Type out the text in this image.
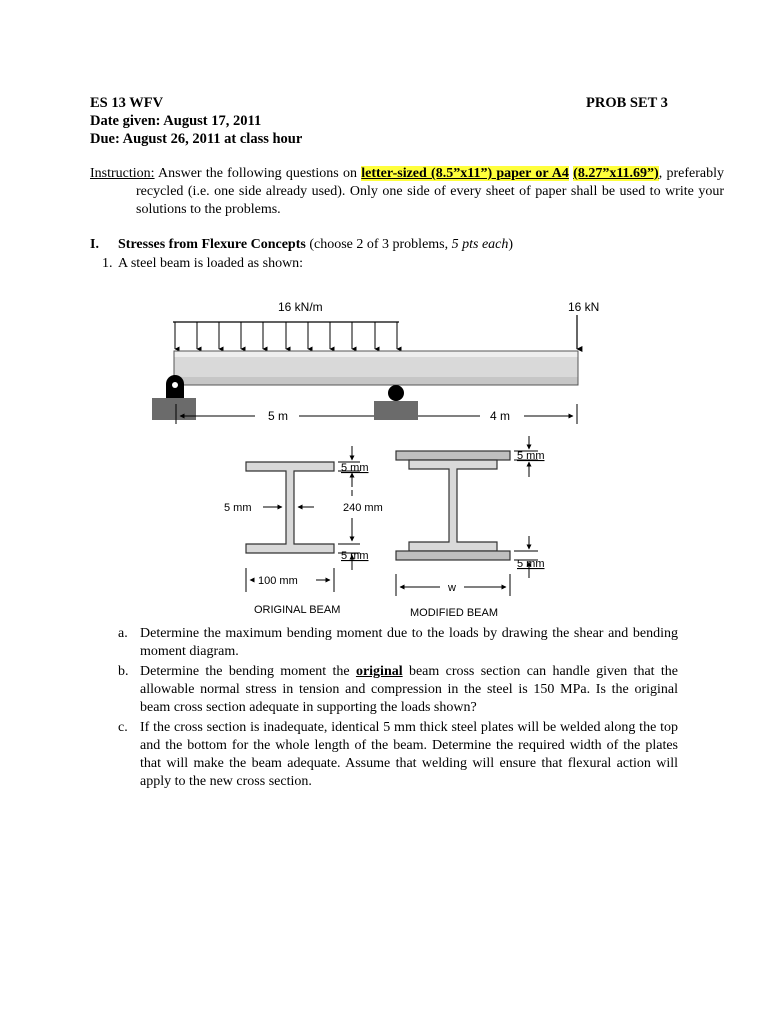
ES 13 WFV	PROB SET 3
Date given: August 17, 2011
Due: August 26, 2011 at class hour
Instruction: Answer the following questions on letter-sized (8.5”x11”) paper or A4 (8.27”x11.69”), preferably recycled (i.e. one side already used). Only one side of every sheet of paper shall be used to write your solutions to the problems.
I. Stresses from Flexure Concepts (choose 2 of 3 problems, 5 pts each)
1. A steel beam is loaded as shown:
16 kN/m	16 kN
5 m	4 m
5 mm
5 mm	240 mm
5 mm
100 mm
ORIGINAL BEAM
5 mm
5 mm
w
MODIFIED BEAM
a. Determine the maximum bending moment due to the loads by drawing the shear and bending moment diagram.
b. Determine the bending moment the original beam cross section can handle given that the allowable normal stress in tension and compression in the steel is 150 MPa. Is the original beam cross section adequate in supporting the loads shown?
c. If the cross section is inadequate, identical 5 mm thick steel plates will be welded along the top and the bottom for the whole length of the beam. Determine the required width of the plates that will make the beam adequate. Assume that welding will ensure that flexural action will apply to the new cross section.
